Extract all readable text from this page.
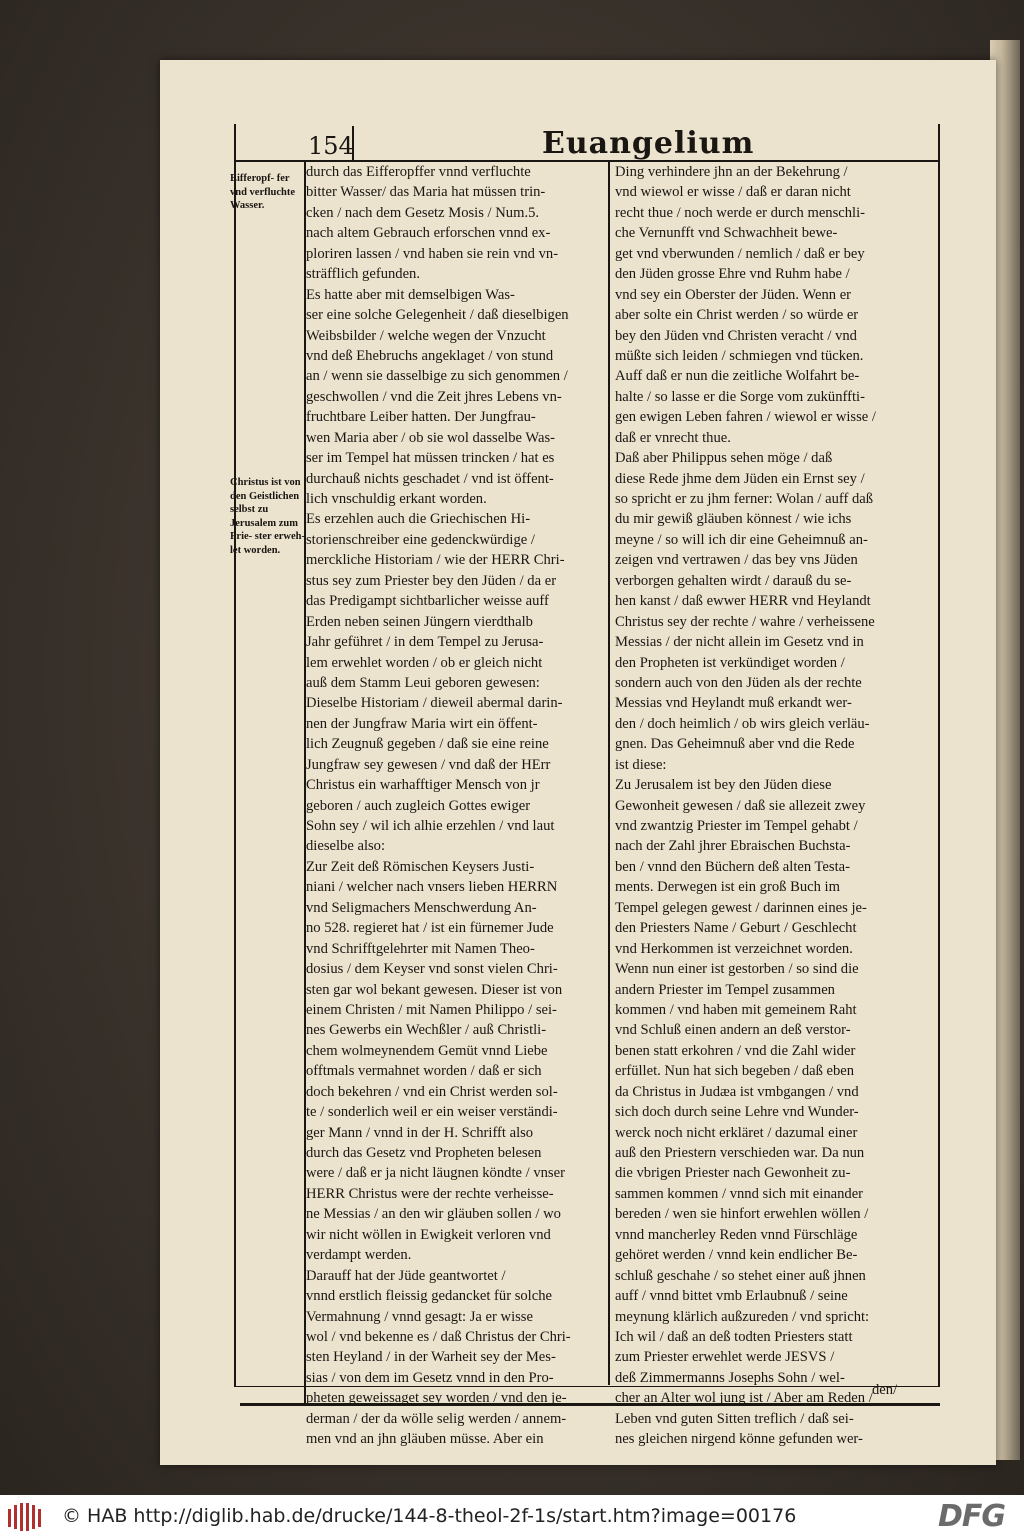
154	Euangelium
Eifferopf- fer vnd verfluchte Wasser.
Christus ist von den Geistlichen selbst zu Jerusalem zum Prie- ster erweh- let worden.
durch das Eifferopffer vnnd verfluchte
bitter Wasser/ das Maria hat müssen trin-
cken / nach dem Gesetz Mosis / Num.5.
nach altem Gebrauch erforschen vnnd ex-
ploriren lassen / vnd haben sie rein vnd vn-
sträfflich gefunden.
Es hatte aber mit demselbigen Was-
ser eine solche Gelegenheit / daß dieselbigen
Weibsbilder / welche wegen der Vnzucht
vnd deß Ehebruchs angeklaget / von stund
an / wenn sie dasselbige zu sich genommen /
geschwollen / vnd die Zeit jhres Lebens vn-
fruchtbare Leiber hatten. Der Jungfrau-
wen Maria aber / ob sie wol dasselbe Was-
ser im Tempel hat müssen trincken / hat es
durchauß nichts geschadet / vnd ist öffent-
lich vnschuldig erkant worden.
Es erzehlen auch die Griechischen Hi-
storienschreiber eine gedenckwürdige /
merckliche Historiam / wie der HERR Chri-
stus sey zum Priester bey den Jüden / da er
das Predigampt sichtbarlicher weisse auff
Erden neben seinen Jüngern vierdthalb
Jahr geführet / in dem Tempel zu Jerusa-
lem erwehlet worden / ob er gleich nicht
auß dem Stamm Leui geboren gewesen:
Dieselbe Historiam / dieweil abermal darin-
nen der Jungfraw Maria wirt ein öffent-
lich Zeugnuß gegeben / daß sie eine reine
Jungfraw sey gewesen / vnd daß der HErr
Christus ein warhafftiger Mensch von jr
geboren / auch zugleich Gottes ewiger
Sohn sey / wil ich alhie erzehlen / vnd laut
dieselbe also:
Zur Zeit deß Römischen Keysers Justi-
niani / welcher nach vnsers lieben HERRN
vnd Seligmachers Menschwerdung An-
no 528. regieret hat / ist ein fürnemer Jude
vnd Schrifftgelehrter mit Namen Theo-
dosius / dem Keyser vnd sonst vielen Chri-
sten gar wol bekant gewesen. Dieser ist von
einem Christen / mit Namen Philippo / sei-
nes Gewerbs ein Wechßler / auß Christli-
chem wolmeynendem Gemüt vnnd Liebe
offtmals vermahnet worden / daß er sich
doch bekehren / vnd ein Christ werden sol-
te / sonderlich weil er ein weiser verständi-
ger Mann / vnnd in der H. Schrifft also
durch das Gesetz vnd Propheten belesen
were / daß er ja nicht läugnen köndte / vnser
HERR Christus were der rechte verheisse-
ne Messias / an den wir gläuben sollen / wo
wir nicht wöllen in Ewigkeit verloren vnd
verdampt werden.
Darauff hat der Jüde geantwortet /
vnnd erstlich fleissig gedancket für solche
Vermahnung / vnnd gesagt: Ja er wisse
wol / vnd bekenne es / daß Christus der Chri-
sten Heyland / in der Warheit sey der Mes-
sias / von dem im Gesetz vnnd in den Pro-
pheten geweissaget sey worden / vnd den je-
derman / der da wölle selig werden / annem-
men vnd an jhn gläuben müsse. Aber ein
Ding verhindere jhn an der Bekehrung /
vnd wiewol er wisse / daß er daran nicht
recht thue / noch werde er durch menschli-
che Vernunfft vnd Schwachheit bewe-
get vnd vberwunden / nemlich / daß er bey
den Jüden grosse Ehre vnd Ruhm habe /
vnd sey ein Oberster der Jüden. Wenn er
aber solte ein Christ werden / so würde er
bey den Jüden vnd Christen veracht / vnd
müßte sich leiden / schmiegen vnd tücken.
Auff daß er nun die zeitliche Wolfahrt be-
halte / so lasse er die Sorge vom zukünffti-
gen ewigen Leben fahren / wiewol er wisse /
daß er vnrecht thue.
Daß aber Philippus sehen möge / daß
diese Rede jhme dem Jüden ein Ernst sey /
so spricht er zu jhm ferner: Wolan / auff daß
du mir gewiß gläuben könnest / wie ichs
meyne / so will ich dir eine Geheimnuß an-
zeigen vnd vertrawen / das bey vns Jüden
verborgen gehalten wirdt / darauß du se-
hen kanst / daß ewwer HERR vnd Heylandt
Christus sey der rechte / wahre / verheissene
Messias / der nicht allein im Gesetz vnd in
den Propheten ist verkündiget worden /
sondern auch von den Jüden als der rechte
Messias vnd Heylandt muß erkandt wer-
den / doch heimlich / ob wirs gleich verläu-
gnen. Das Geheimnuß aber vnd die Rede
ist diese:
Zu Jerusalem ist bey den Jüden diese
Gewonheit gewesen / daß sie allezeit zwey
vnd zwantzig Priester im Tempel gehabt /
nach der Zahl jhrer Ebraischen Buchsta-
ben / vnnd den Büchern deß alten Testa-
ments. Derwegen ist ein groß Buch im
Tempel gelegen gewest / darinnen eines je-
den Priesters Name / Geburt / Geschlecht
vnd Herkommen ist verzeichnet worden.
Wenn nun einer ist gestorben / so sind die
andern Priester im Tempel zusammen
kommen / vnd haben mit gemeinem Raht
vnd Schluß einen andern an deß verstor-
benen statt erkohren / vnd die Zahl wider
erfüllet. Nun hat sich begeben / daß eben
da Christus in Judæa ist vmbgangen / vnd
sich doch durch seine Lehre vnd Wunder-
werck noch nicht erkläret / dazumal einer
auß den Priestern verschieden war. Da nun
die vbrigen Priester nach Gewonheit zu-
sammen kommen / vnnd sich mit einander
bereden / wen sie hinfort erwehlen wöllen /
vnnd mancherley Reden vnnd Fürschläge
gehöret werden / vnnd kein endlicher Be-
schluß geschahe / so stehet einer auß jhnen
auff / vnnd bittet vmb Erlaubnuß / seine
meynung klärlich außzureden / vnd spricht:
Ich wil / daß an deß todten Priesters statt
zum Priester erwehlet werde JESVS /
deß Zimmermanns Josephs Sohn / wel-
cher an Alter wol jung ist / Aber am Reden /
Leben vnd guten Sitten treflich / daß sei-
nes gleichen nirgend könne gefunden wer-
den/
© HAB http://diglib.hab.de/drucke/144-8-theol-2f-1s/start.htm?image=00176	DFG
